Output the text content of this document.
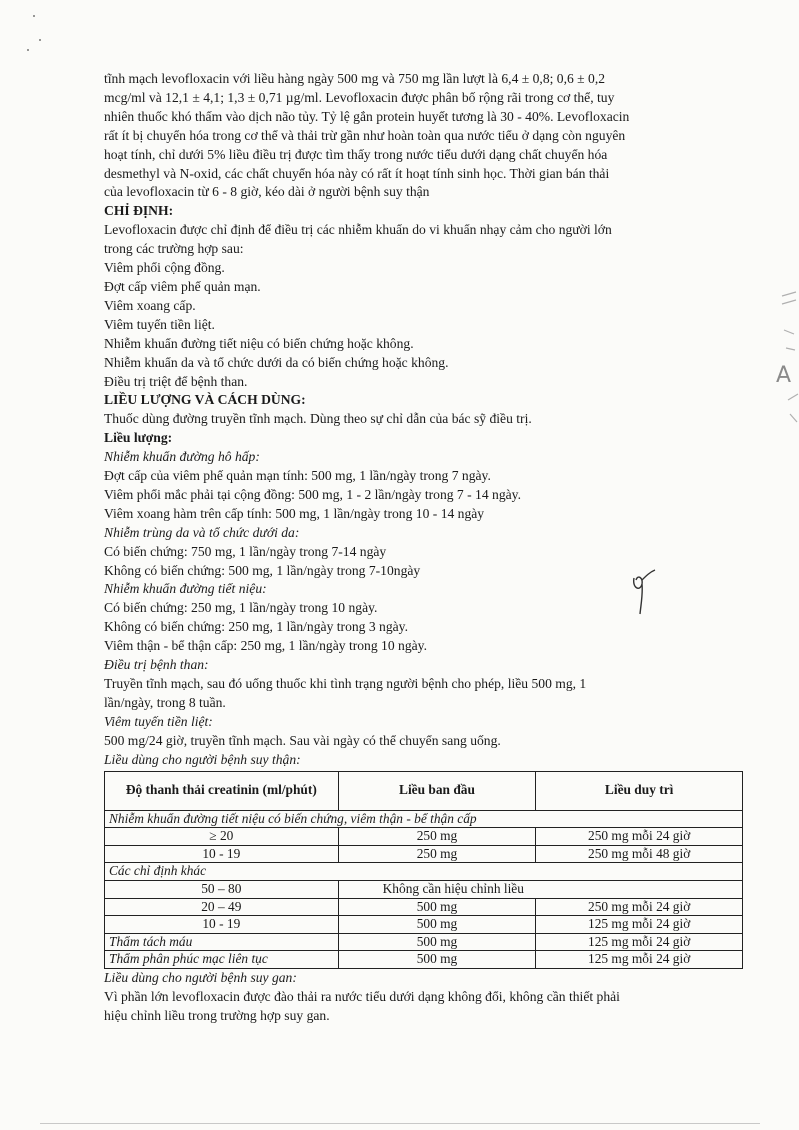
tĩnh mạch levofloxacin với liều hàng ngày 500 mg và 750 mg lần lượt là 6,4 ± 0,8; 0,6 ± 0,2

mcg/ml và 12,1 ± 4,1; 1,3 ± 0,71 µg/ml. Levofloxacin được phân bố rộng rãi trong cơ thể, tuy

nhiên thuốc khó thấm vào dịch não tủy. Tỷ lệ gắn protein huyết tương là 30 - 40%. Levofloxacin

rất ít bị chuyển hóa trong cơ thể và thải trừ gần như hoàn toàn qua nước tiểu ở dạng còn nguyên

hoạt tính, chỉ dưới 5% liều điều trị được tìm thấy trong nước tiểu dưới dạng chất chuyển hóa

desmethyl và N-oxid, các chất chuyển hóa này có rất ít hoạt tính sinh học. Thời gian bán thải

của levofloxacin từ 6 - 8 giờ, kéo dài ở người bệnh suy thận

CHỈ ĐỊNH:

Levofloxacin được chỉ định để điều trị các nhiễm khuẩn do vi khuẩn nhạy cảm cho người lớn

trong các trường hợp sau:

Viêm phổi cộng đồng.

Đợt cấp viêm phế quản mạn.

Viêm xoang cấp.

Viêm tuyến tiền liệt.

Nhiễm khuẩn đường tiết niệu có biến chứng hoặc không.

Nhiễm khuẩn da và tổ chức dưới da có biến chứng hoặc không.

Điều trị triệt để bệnh than.

LIỀU LƯỢNG VÀ CÁCH DÙNG:

Thuốc dùng đường truyền tĩnh mạch. Dùng theo sự chỉ dẫn của bác sỹ điều trị.

Liều lượng:

Nhiễm khuẩn đường hô hấp:

Đợt cấp của viêm phế quản mạn tính: 500 mg, 1 lần/ngày trong 7 ngày.

Viêm phổi mắc phải tại cộng đồng: 500 mg, 1 - 2 lần/ngày trong 7 - 14 ngày.

Viêm xoang hàm trên cấp tính: 500 mg, 1 lần/ngày trong 10 - 14 ngày

Nhiễm trùng da và tổ chức dưới da:

Có biến chứng: 750 mg, 1 lần/ngày trong 7-14 ngày

Không có biến chứng: 500 mg, 1 lần/ngày trong 7-10ngày

Nhiễm khuẩn đường tiết niệu:

Có biến chứng: 250 mg, 1 lần/ngày trong 10 ngày.

Không có biến chứng: 250 mg, 1 lần/ngày trong 3 ngày.

Viêm thận - bể thận cấp: 250 mg, 1 lần/ngày trong 10 ngày.

Điều trị bệnh than:

Truyền tĩnh mạch, sau đó uống thuốc khi tình trạng người bệnh cho phép, liều 500 mg, 1

lần/ngày, trong 8 tuần.

Viêm tuyến tiền liệt:

500 mg/24 giờ, truyền tĩnh mạch. Sau vài ngày có thể chuyển sang uống.

Liều dùng cho người bệnh suy thận:

Độ thanh thải creatinin (ml/phút)	Liều ban đầu	Liều duy trì
Nhiễm khuẩn đường tiết niệu có biến chứng, viêm thận - bể thận cấp		
≥ 20	250 mg	250 mg mỗi 24 giờ
10 - 19	250 mg	250 mg mỗi 48 giờ
Các chỉ định khác		
50 – 80	Không cần hiệu chỉnh liều	
20 – 49	500 mg	250 mg mỗi 24 giờ
10 - 19	500 mg	125 mg mỗi 24 giờ
Thẩm tách máu	500 mg	125 mg mỗi 24 giờ
Thẩm phân phúc mạc liên tục	500 mg	125 mg mỗi 24 giờ

Liều dùng cho người bệnh suy gan:

Vì phần lớn levofloxacin được đào thải ra nước tiểu dưới dạng không đổi, không cần thiết phải

hiệu chỉnh liều trong trường hợp suy gan.

A
